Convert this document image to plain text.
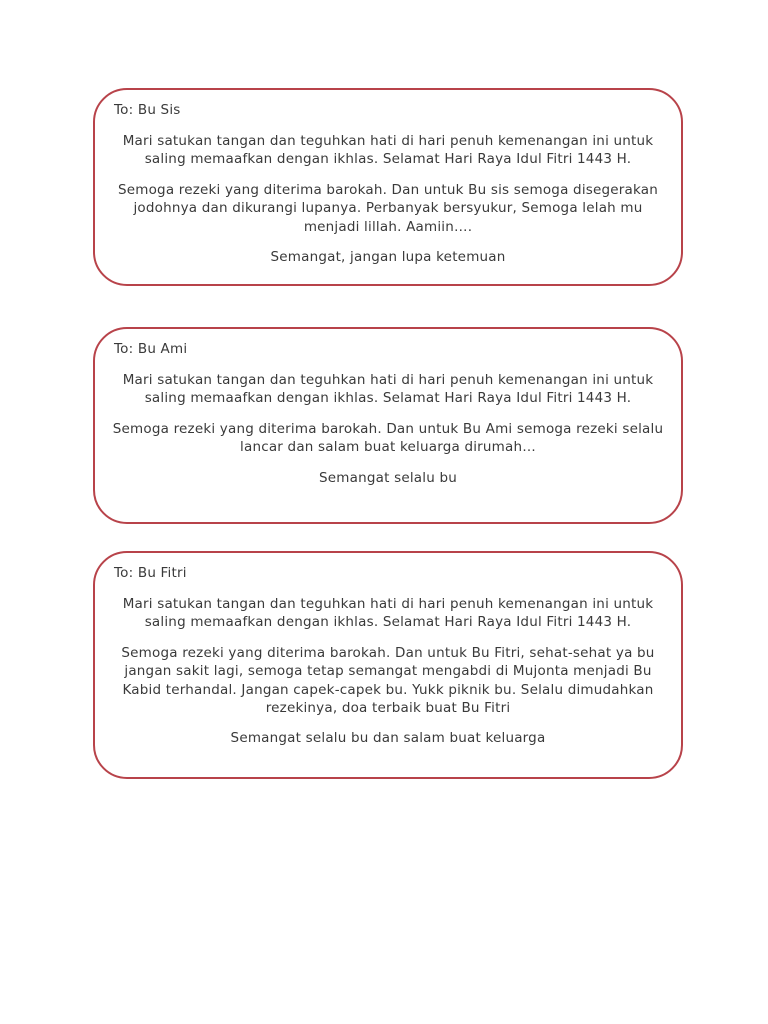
To: Bu Sis

Mari satukan tangan dan teguhkan hati di hari penuh kemenangan ini untuk saling memaafkan dengan ikhlas. Selamat Hari Raya Idul Fitri 1443 H.

Semoga rezeki yang diterima barokah. Dan untuk Bu sis semoga disegerakan jodohnya dan dikurangi lupanya. Perbanyak bersyukur, Semoga lelah mu menjadi lillah. Aamiin….

Semangat, jangan lupa ketemuan

To: Bu Ami

Mari satukan tangan dan teguhkan hati di hari penuh kemenangan ini untuk saling memaafkan dengan ikhlas. Selamat Hari Raya Idul Fitri 1443 H.

Semoga rezeki yang diterima barokah. Dan untuk Bu Ami semoga rezeki selalu lancar dan salam buat keluarga dirumah…

Semangat selalu bu

To: Bu Fitri

Mari satukan tangan dan teguhkan hati di hari penuh kemenangan ini untuk saling memaafkan dengan ikhlas. Selamat Hari Raya Idul Fitri 1443 H.

Semoga rezeki yang diterima barokah. Dan untuk Bu Fitri, sehat-sehat ya bu jangan sakit lagi, semoga tetap semangat mengabdi di Mujonta menjadi Bu Kabid terhandal. Jangan capek-capek bu. Yukk piknik bu. Selalu dimudahkan rezekinya, doa terbaik buat Bu Fitri

Semangat selalu bu dan salam buat keluarga
